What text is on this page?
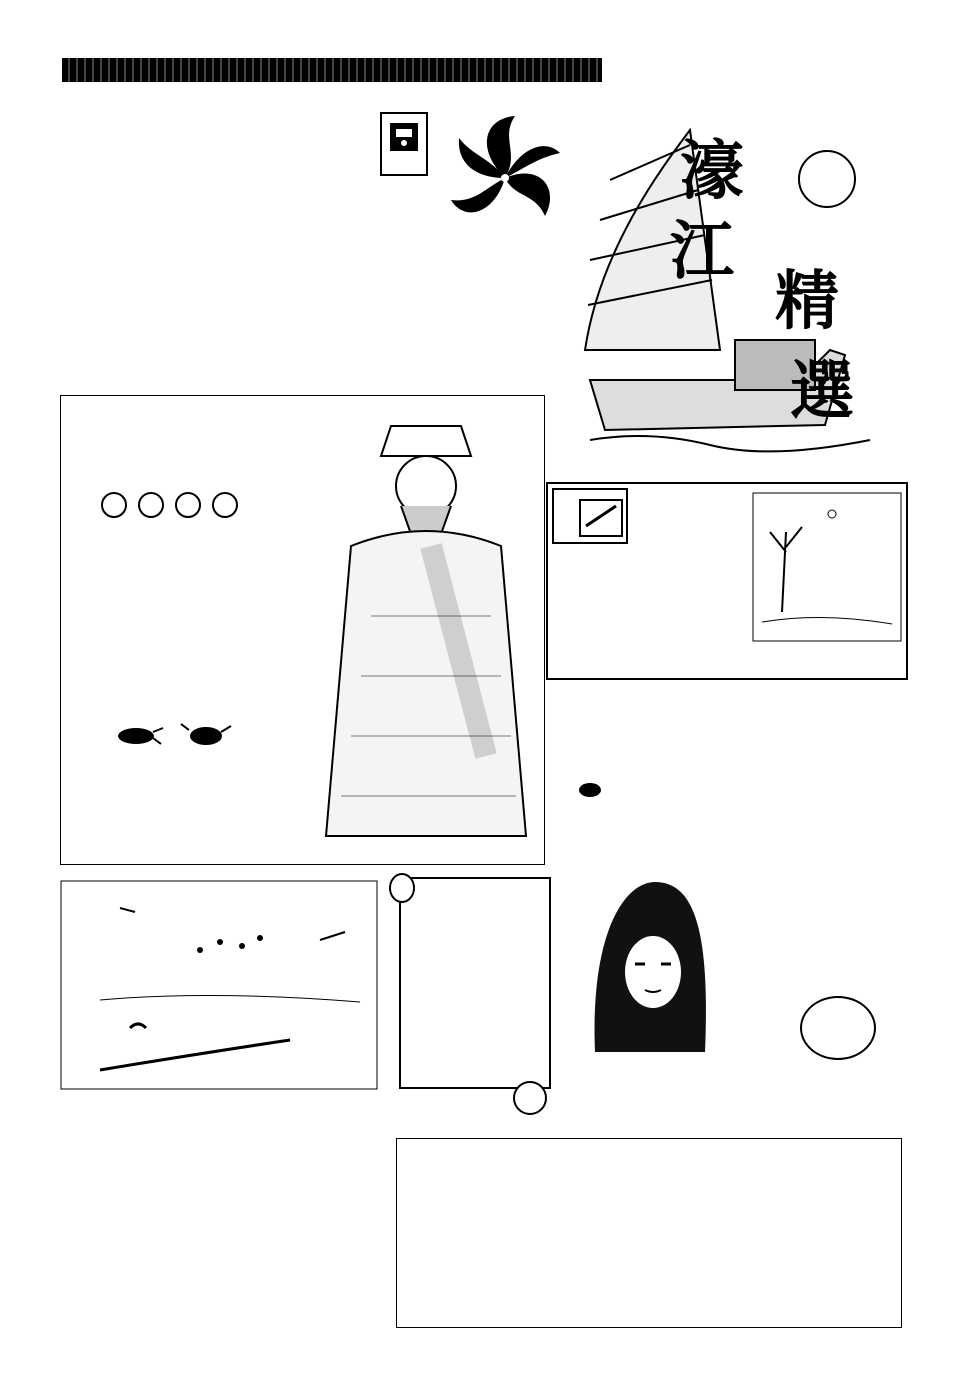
濠
江
精
選
